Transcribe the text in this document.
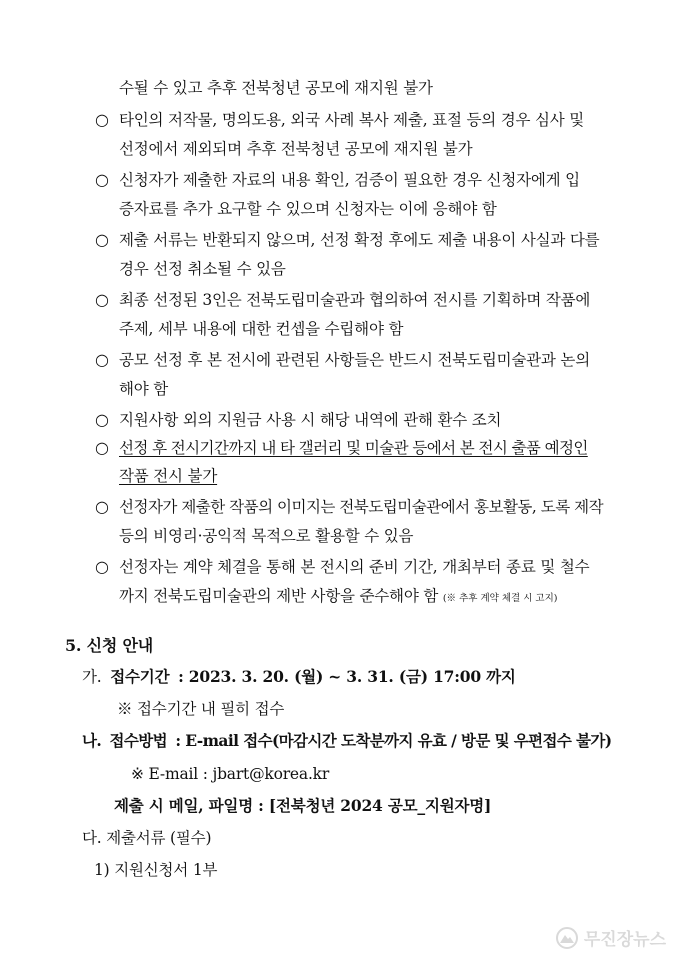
수될 수 있고 추후 전북청년 공모에 재지원 불가
○ 타인의 저작물, 명의도용, 외국 사례 복사 제출, 표절 등의 경우 심사 및
선정에서 제외되며 추후 전북청년 공모에 재지원 불가
○ 신청자가 제출한 자료의 내용 확인, 검증이 필요한 경우 신청자에게 입
증자료를 추가 요구할 수 있으며 신청자는 이에 응해야 함
○ 제출 서류는 반환되지 않으며, 선정 확정 후에도 제출 내용이 사실과 다를
경우 선정 취소될 수 있음
○ 최종 선정된 3인은 전북도립미술관과 협의하여 전시를 기획하며 작품에
주제, 세부 내용에 대한 컨셉을 수립해야 함
○ 공모 선정 후 본 전시에 관련된 사항들은 반드시 전북도립미술관과 논의
해야 함
○ 지원사항 외의 지원금 사용 시 해당 내역에 관해 환수 조치
○ 선정 후 전시기간까지 내 타 갤러리 및 미술관 등에서 본 전시 출품 예정인
작품 전시 불가
○ 선정자가 제출한 작품의 이미지는 전북도립미술관에서 홍보활동, 도록 제작
등의 비영리·공익적 목적으로 활용할 수 있음
○ 선정자는 계약 체결을 통해 본 전시의 준비 기간, 개최부터 종료 및 철수
까지 전북도립미술관의 제반 사항을 준수해야 함 (※ 추후 계약 체결 시 고지)
5. 신청 안내
가. 접수기간 : 2023. 3. 20. (월) ~ 3. 31. (금) 17:00 까지
※ 접수기간 내 필히 접수
나. 접수방법 : E-mail 접수(마감시간 도착분까지 유효 / 방문 및 우편접수 불가)
※ E-mail : jbart@korea.kr
제출 시 메일, 파일명 : [전북청년 2024 공모_지원자명]
다. 제출서류 (필수)
1) 지원신청서 1부
무진장뉴스
